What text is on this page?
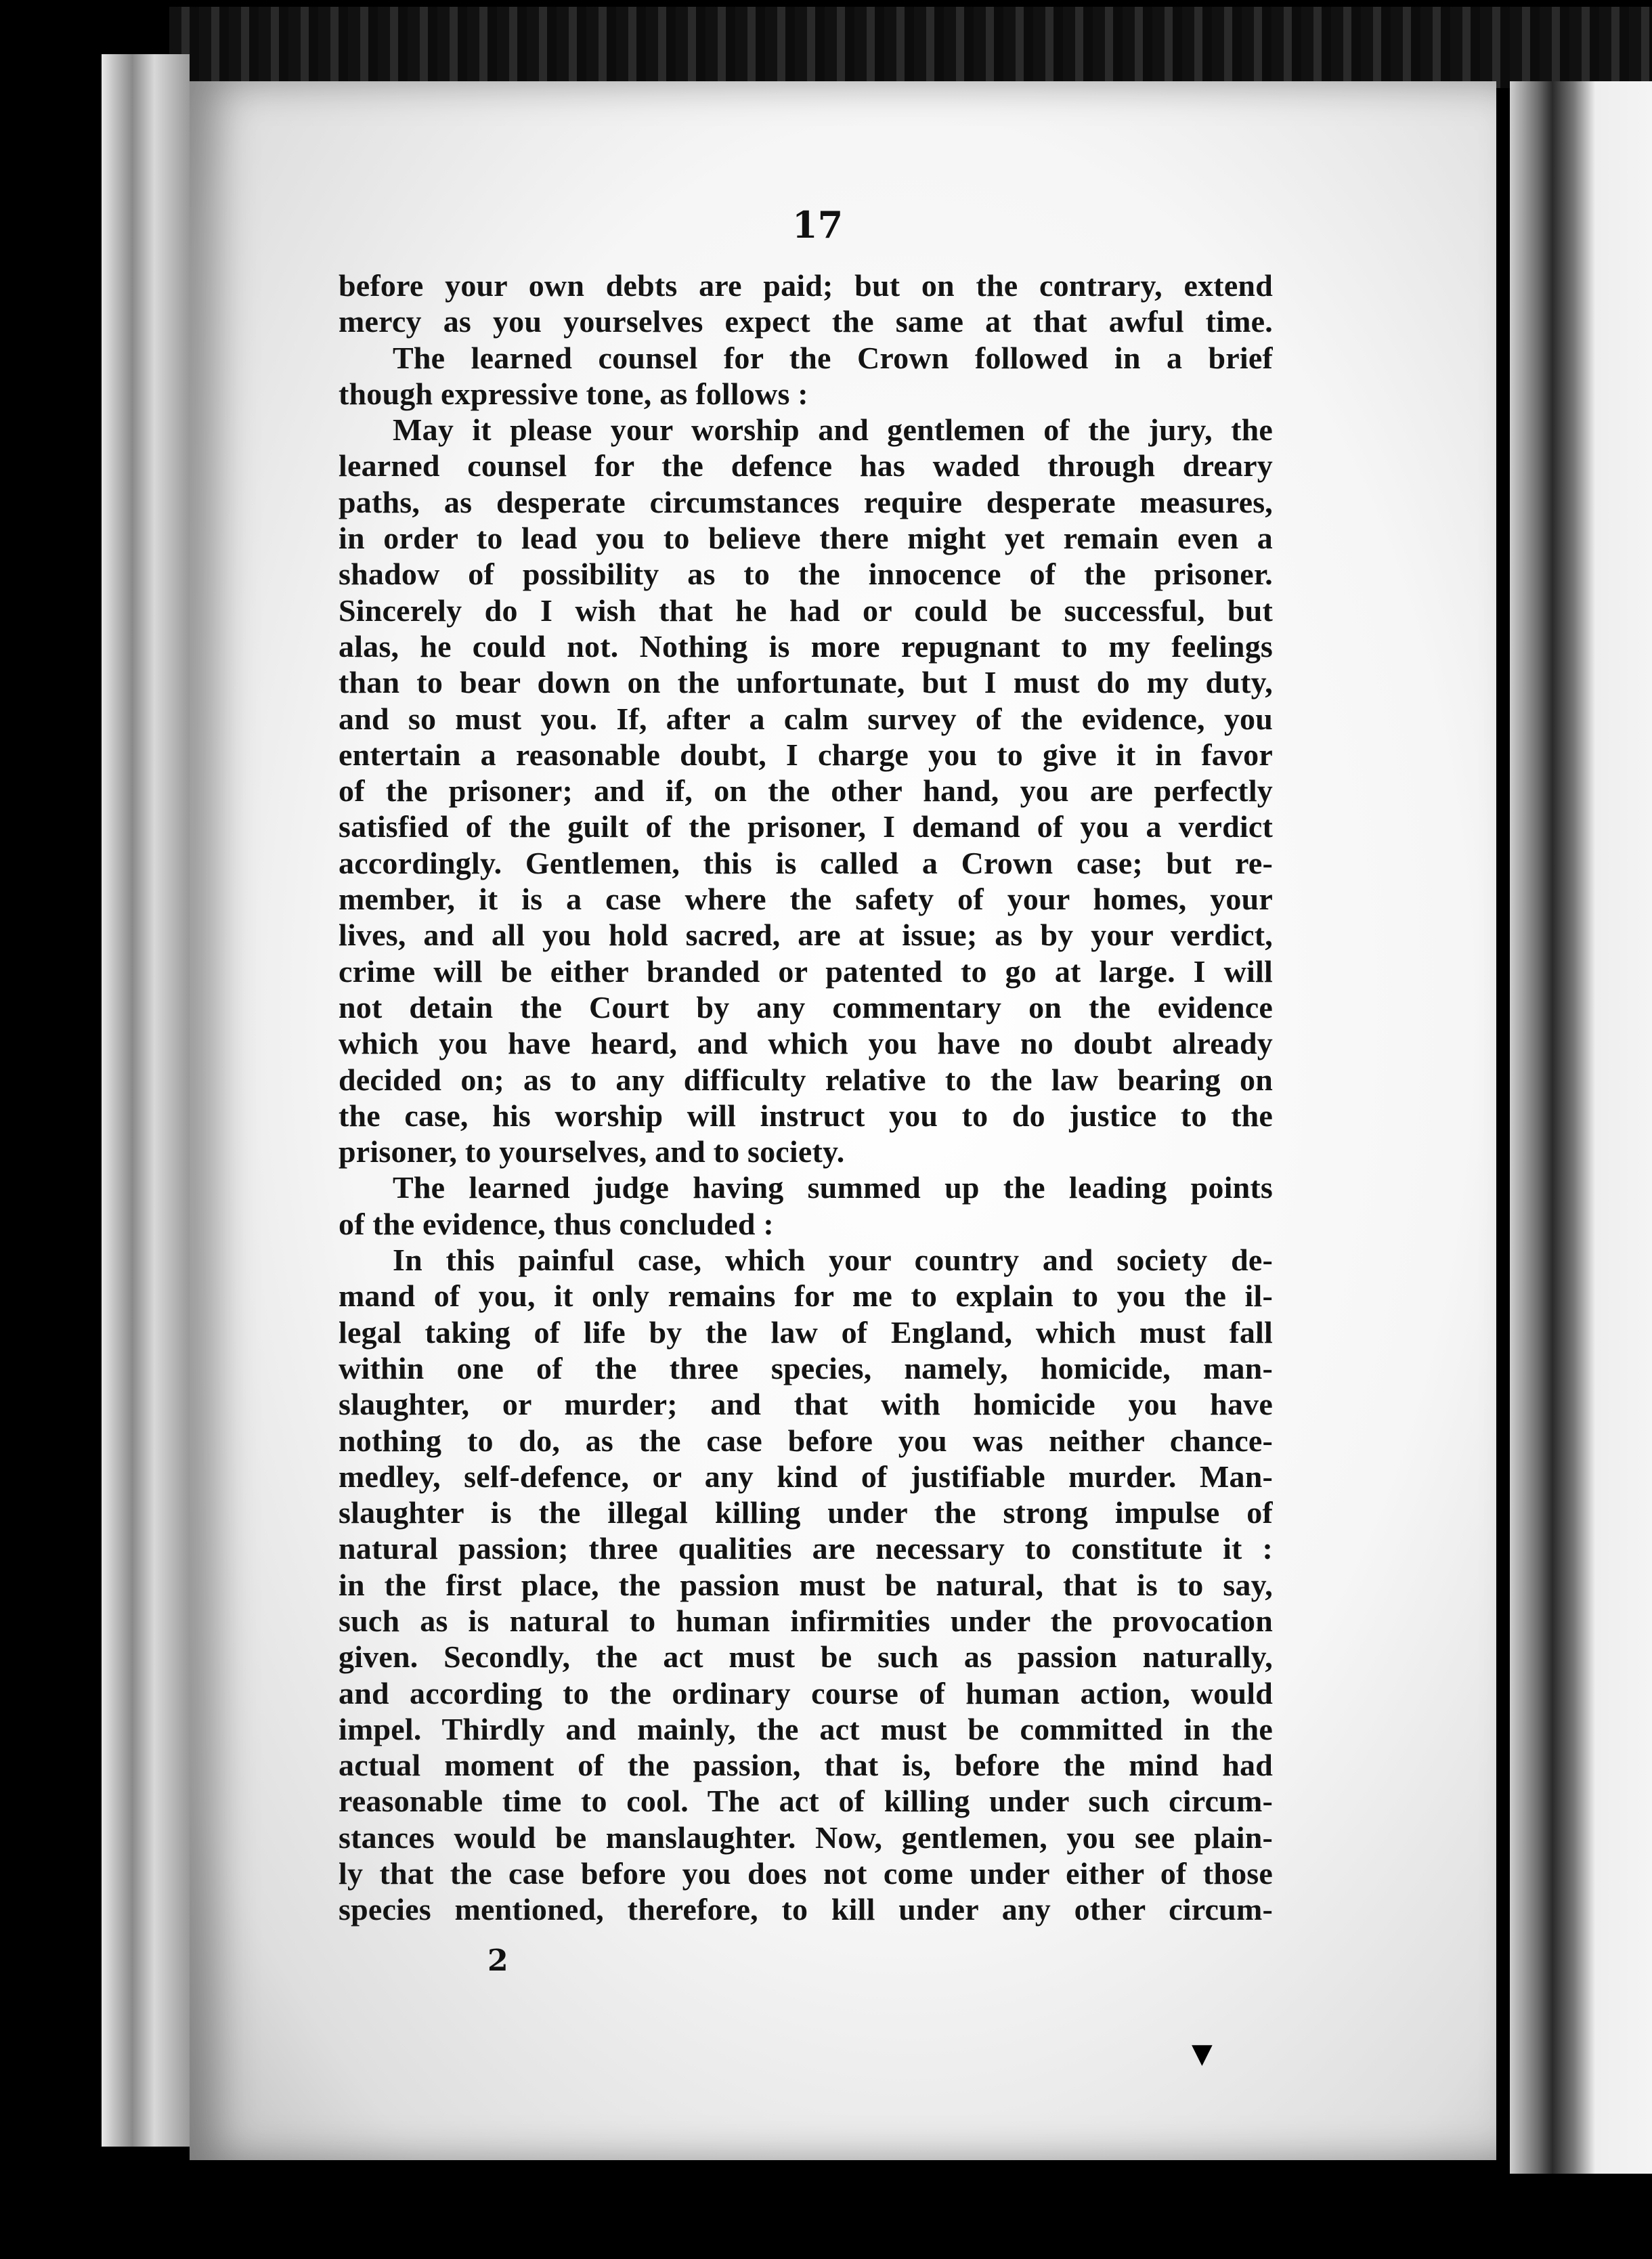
17
before your own debts are paid; but on the contrary, extend
mercy as you yourselves expect the same at that awful time.
The learned counsel for the Crown followed in a brief
though expressive tone, as follows :
May it please your worship and gentlemen of the jury, the
learned counsel for the defence has waded through dreary
paths, as desperate circumstances require desperate measures,
in order to lead you to believe there might yet remain even a
shadow of possibility as to the innocence of the prisoner.
Sincerely do I wish that he had or could be successful, but
alas, he could not. Nothing is more repugnant to my feelings
than to bear down on the unfortunate, but I must do my duty,
and so must you. If, after a calm survey of the evidence, you
entertain a reasonable doubt, I charge you to give it in favor
of the prisoner; and if, on the other hand, you are perfectly
satisfied of the guilt of the prisoner, I demand of you a verdict
accordingly. Gentlemen, this is called a Crown case; but re-
member, it is a case where the safety of your homes, your
lives, and all you hold sacred, are at issue; as by your verdict,
crime will be either branded or patented to go at large. I will
not detain the Court by any commentary on the evidence
which you have heard, and which you have no doubt already
decided on; as to any difficulty relative to the law bearing on
the case, his worship will instruct you to do justice to the
prisoner, to yourselves, and to society.
The learned judge having summed up the leading points
of the evidence, thus concluded :
In this painful case, which your country and society de-
mand of you, it only remains for me to explain to you the il-
legal taking of life by the law of England, which must fall
within one of the three species, namely, homicide, man-
slaughter, or murder; and that with homicide you have
nothing to do, as the case before you was neither chance-
medley, self-defence, or any kind of justifiable murder. Man-
slaughter is the illegal killing under the strong impulse of
natural passion; three qualities are necessary to constitute it :
in the first place, the passion must be natural, that is to say,
such as is natural to human infirmities under the provocation
given. Secondly, the act must be such as passion naturally,
and according to the ordinary course of human action, would
impel. Thirdly and mainly, the act must be committed in the
actual moment of the passion, that is, before the mind had
reasonable time to cool. The act of killing under such circum-
stances would be manslaughter. Now, gentlemen, you see plain-
ly that the case before you does not come under either of those
species mentioned, therefore, to kill under any other circum-
2
▼
